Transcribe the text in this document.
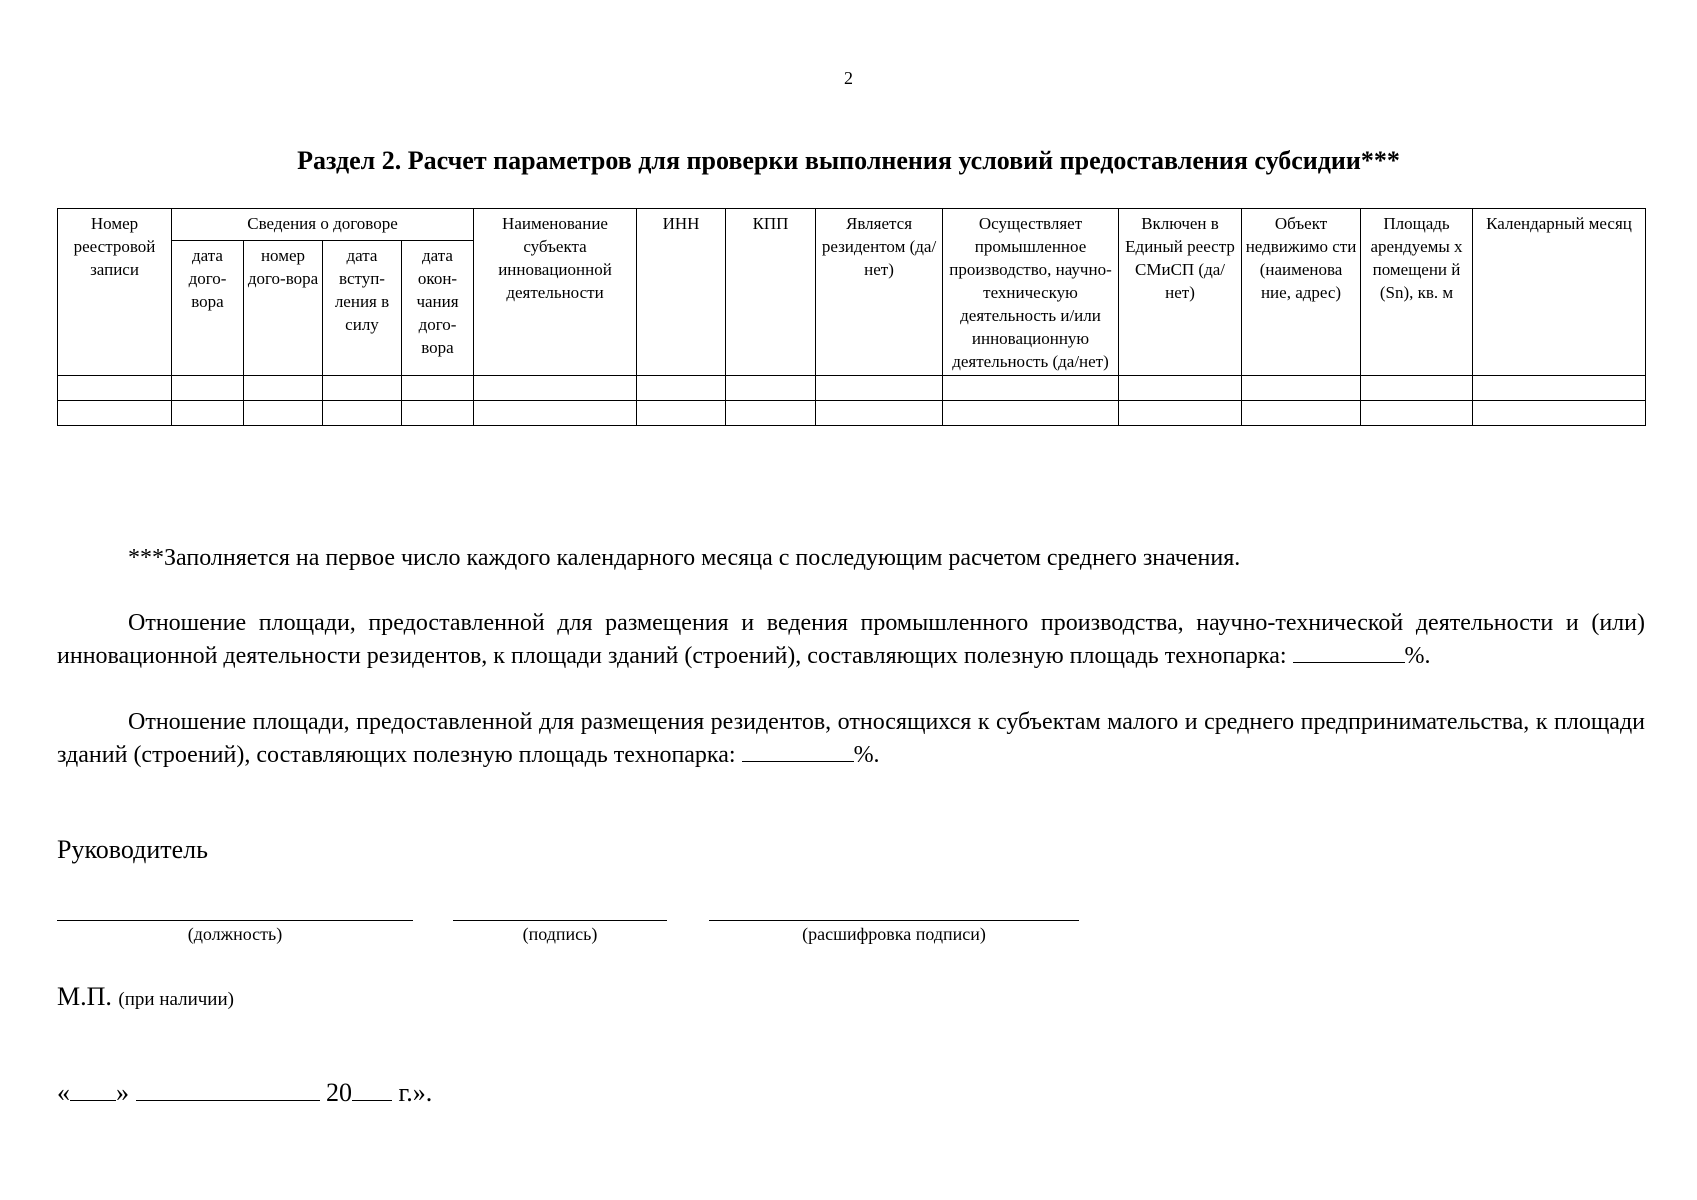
2
Раздел 2. Расчет параметров для проверки выполнения условий предоставления субсидии***
Номер реестровой записи	Сведения о договоре				Наименование субъекта инновационной деятельности	ИНН	КПП	Является резидентом (да/нет)	Осуществляет промышленное производство, научно-техническую деятельность и/или инновационную деятельность (да/нет)	Включен в Единый реестр СМиСП (да/нет)	Объект недвижимо сти (наименова ние, адрес)	Площадь арендуемы х помещени й (Sn), кв. м	Календарный месяц
	дата дого-вора	номер дого-вора	дата вступ-ления в силу	дата окон-чания дого-вора									

***Заполняется на первое число каждого календарного месяца с последующим расчетом среднего значения.
Отношение площади, предоставленной для размещения и ведения промышленного производства, научно-технической деятельности и (или) инновационной деятельности резидентов, к площади зданий (строений), составляющих полезную площадь технопарка:	%.
Отношение площади, предоставленной для размещения резидентов, относящихся к субъектам малого и среднего предпринимательства, к площади зданий (строений), составляющих полезную площадь технопарка:	%.
Руководитель
(должность)	(подпись)	(расшифровка подписи)
М.П. (при наличии)
« »	20 г.».
